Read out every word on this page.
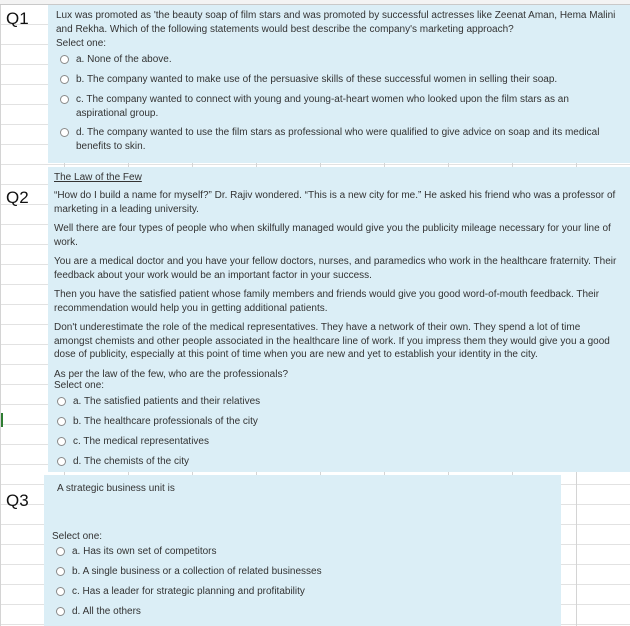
Q1
Q2
Q3
Lux was promoted as 'the beauty soap of film stars and was promoted by successful actresses like Zeenat Aman, Hema Malini and Rekha. Which of the following statements would best describe the company's marketing approach?
Select one:
a. None of the above.
b. The company wanted to make use of the persuasive skills of these successful women in selling their soap.
c. The company wanted to connect with young and young-at-heart women who looked upon the film stars as an aspirational group.
d. The company wanted to use the film stars as professional who were qualified to give advice on soap and its medical benefits to skin.
The Law of the Few
“How do I build a name for myself?” Dr. Rajiv wondered. “This is a new city for me.” He asked his friend who was a professor of marketing in a leading university.
Well there are four types of people who when skilfully managed would give you the publicity mileage necessary for your line of work.
You are a medical doctor and you have your fellow doctors, nurses, and paramedics who work in the healthcare fraternity. Their feedback about your work would be an important factor in your success.
Then you have the satisfied patient whose family members and friends would give you good word-of-mouth feedback. Their recommendation would help you in getting additional patients.
Don't underestimate the role of the medical representatives. They have a network of their own. They spend a lot of time amongst chemists and other people associated in the healthcare line of work. If you impress them they would give you a good dose of publicity, especially at this point of time when you are new and yet to establish your identity in the city.
As per the law of the few, who are the professionals?
Select one:
a. The satisfied patients and their relatives
b. The healthcare professionals of the city
c. The medical representatives
d. The chemists of the city
A strategic business unit is
Select one:
a. Has its own set of competitors
b. A single business or a collection of related businesses
c. Has a leader for strategic planning and profitability
d. All the others
